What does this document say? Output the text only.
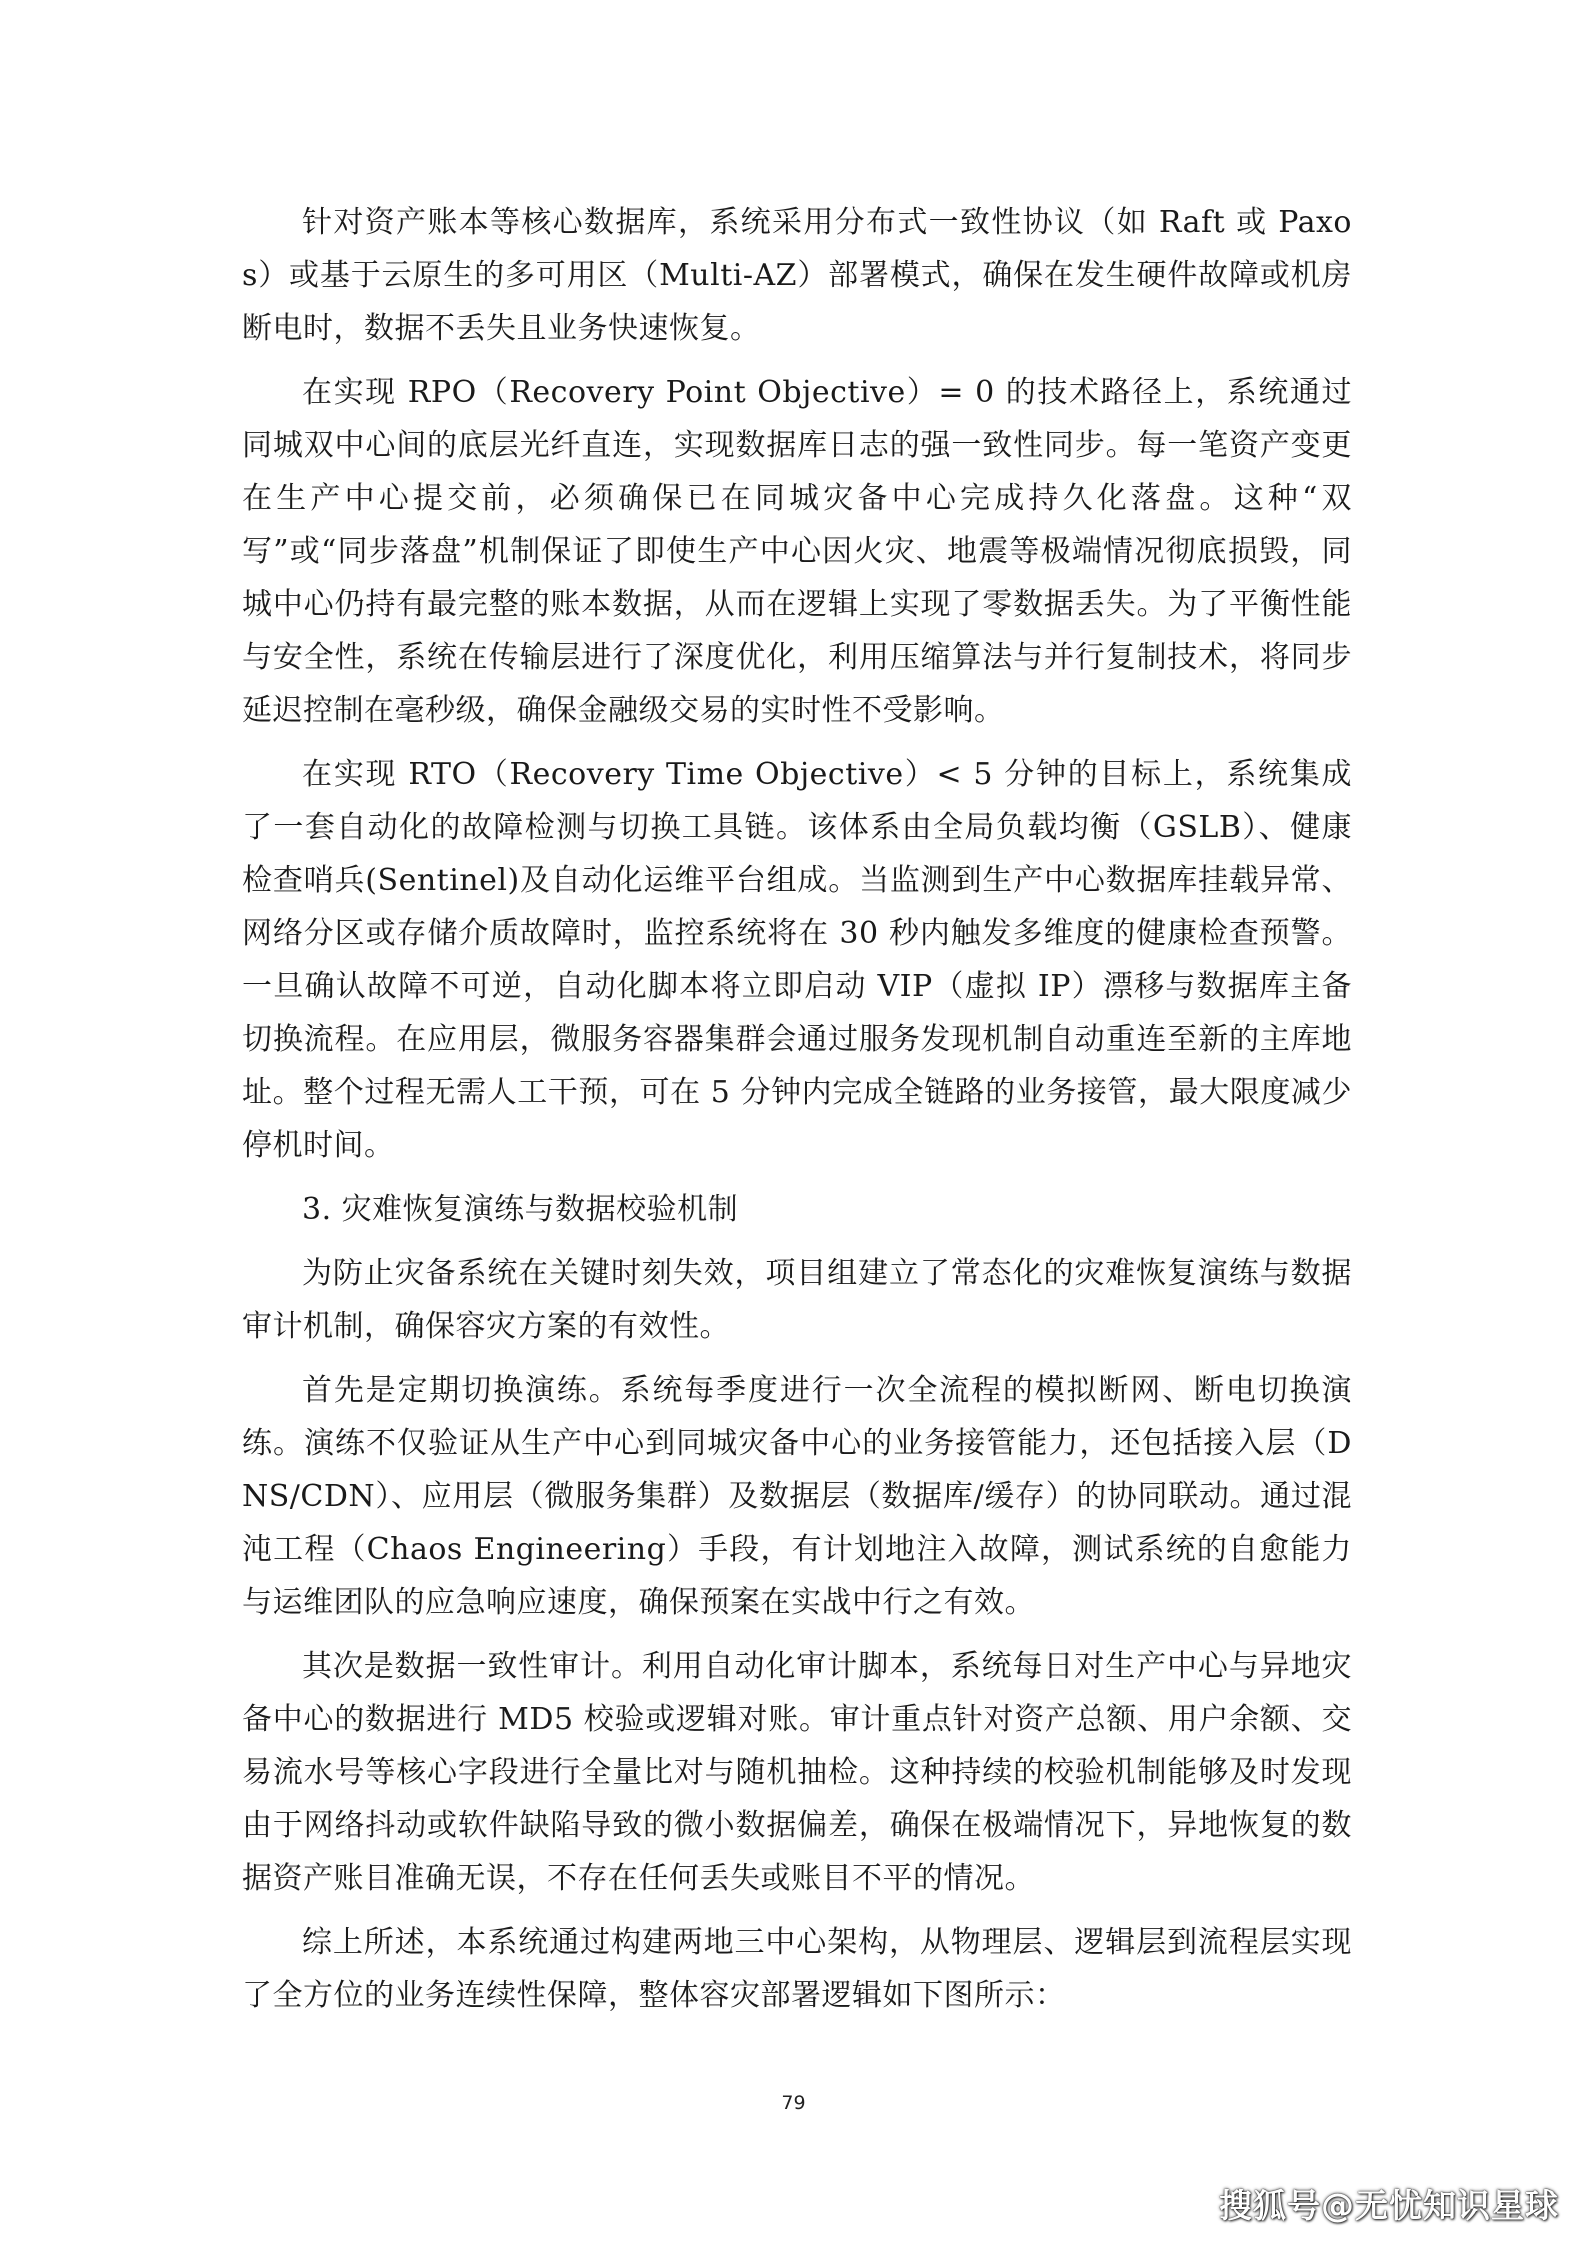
针对资产账本等核心数据库，系统采用分布式一致性协议（如 Raft 或 Paxos）或基于云原生的多可用区（Multi-AZ）部署模式，确保在发生硬件故障或机房断电时，数据不丢失且业务快速恢复。

在实现 RPO（Recovery Point Objective）= 0 的技术路径上，系统通过同城双中心间的底层光纤直连，实现数据库日志的强一致性同步。每一笔资产变更在生产中心提交前，必须确保已在同城灾备中心完成持久化落盘。这种“双写”或“同步落盘”机制保证了即使生产中心因火灾、地震等极端情况彻底损毁，同城中心仍持有最完整的账本数据，从而在逻辑上实现了零数据丢失。为了平衡性能与安全性，系统在传输层进行了深度优化，利用压缩算法与并行复制技术，将同步延迟控制在毫秒级，确保金融级交易的实时性不受影响。

在实现 RTO（Recovery Time Objective）< 5 分钟的目标上，系统集成了一套自动化的故障检测与切换工具链。该体系由全局负载均衡（GSLB）、健康检查哨兵(Sentinel)及自动化运维平台组成。当监测到生产中心数据库挂载异常、网络分区或存储介质故障时，监控系统将在 30 秒内触发多维度的健康检查预警。一旦确认故障不可逆，自动化脚本将立即启动 VIP（虚拟 IP）漂移与数据库主备切换流程。在应用层，微服务容器集群会通过服务发现机制自动重连至新的主库地址。整个过程无需人工干预，可在 5 分钟内完成全链路的业务接管，最大限度减少停机时间。

3. 灾难恢复演练与数据校验机制

为防止灾备系统在关键时刻失效，项目组建立了常态化的灾难恢复演练与数据审计机制，确保容灾方案的有效性。

首先是定期切换演练。系统每季度进行一次全流程的模拟断网、断电切换演练。演练不仅验证从生产中心到同城灾备中心的业务接管能力，还包括接入层（DNS/CDN）、应用层（微服务集群）及数据层（数据库/缓存）的协同联动。通过混沌工程（Chaos Engineering）手段，有计划地注入故障，测试系统的自愈能力与运维团队的应急响应速度，确保预案在实战中行之有效。

其次是数据一致性审计。利用自动化审计脚本，系统每日对生产中心与异地灾备中心的数据进行 MD5 校验或逻辑对账。审计重点针对资产总额、用户余额、交易流水号等核心字段进行全量比对与随机抽检。这种持续的校验机制能够及时发现由于网络抖动或软件缺陷导致的微小数据偏差，确保在极端情况下，异地恢复的数据资产账目准确无误，不存在任何丢失或账目不平的情况。

综上所述，本系统通过构建两地三中心架构，从物理层、逻辑层到流程层实现了全方位的业务连续性保障，整体容灾部署逻辑如下图所示：

79
搜狐号@无忧知识星球
